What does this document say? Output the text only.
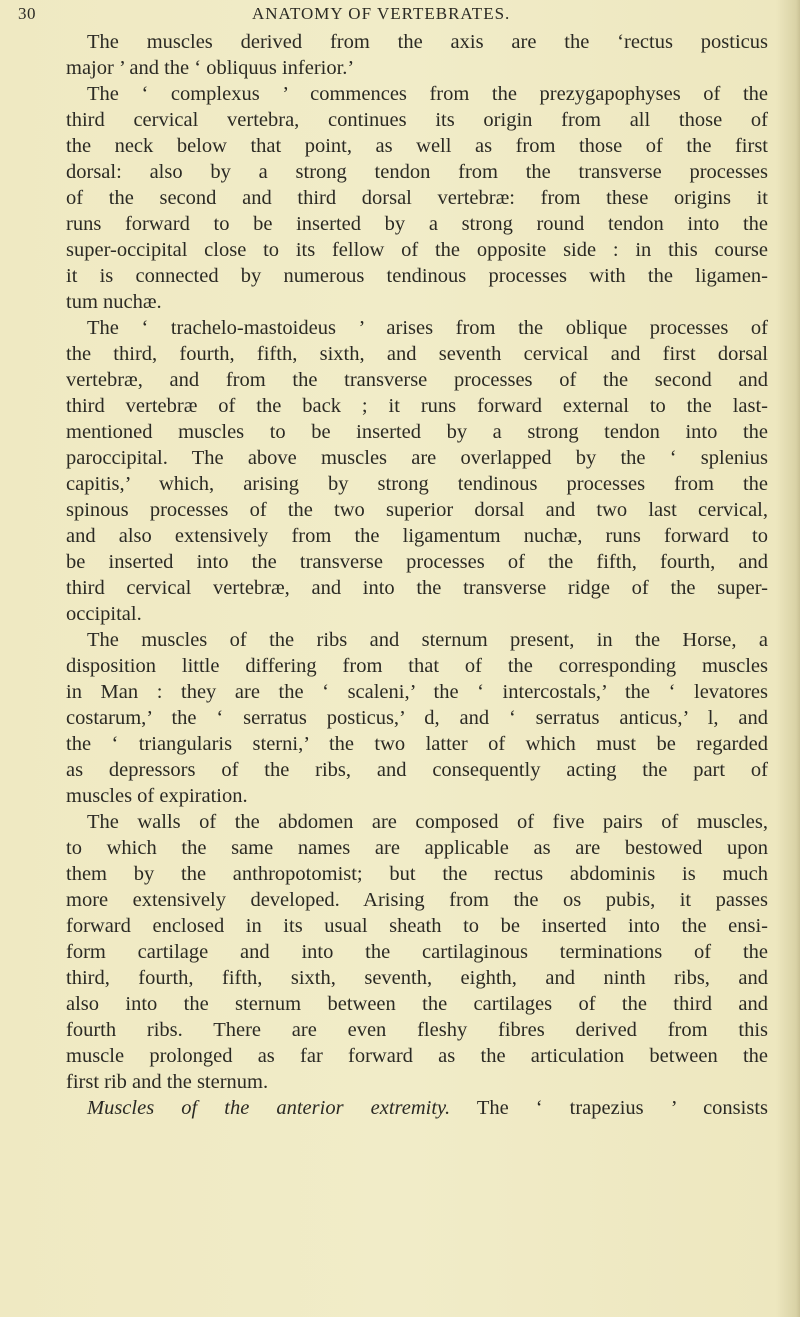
30	ANATOMY OF VERTEBRATES.
The muscles derived from the axis are the ‘rectus posticus
major ’ and the ‘ obliquus inferior.’
The ‘ complexus ’ commences from the prezygapophyses of the
third cervical vertebra, continues its origin from all those of
the neck below that point, as well as from those of the first
dorsal: also by a strong tendon from the transverse processes
of the second and third dorsal vertebræ: from these origins it
runs forward to be inserted by a strong round tendon into the
super-occipital close to its fellow of the opposite side : in this course
it is connected by numerous tendinous processes with the ligamen-
tum nuchæ.
The ‘ trachelo-mastoideus ’ arises from the oblique processes of
the third, fourth, fifth, sixth, and seventh cervical and first dorsal
vertebræ, and from the transverse processes of the second and
third vertebræ of the back ; it runs forward external to the last-
mentioned muscles to be inserted by a strong tendon into the
paroccipital. The above muscles are overlapped by the ‘ splenius
capitis,’ which, arising by strong tendinous processes from the
spinous processes of the two superior dorsal and two last cervical,
and also extensively from the ligamentum nuchæ, runs forward to
be inserted into the transverse processes of the fifth, fourth, and
third cervical vertebræ, and into the transverse ridge of the super-
occipital.
The muscles of the ribs and sternum present, in the Horse, a
disposition little differing from that of the corresponding muscles
in Man : they are the ‘ scaleni,’ the ‘ intercostals,’ the ‘ levatores
costarum,’ the ‘ serratus posticus,’ d, and ‘ serratus anticus,’ l, and
the ‘ triangularis sterni,’ the two latter of which must be regarded
as depressors of the ribs, and consequently acting the part of
muscles of expiration.
The walls of the abdomen are composed of five pairs of muscles,
to which the same names are applicable as are bestowed upon
them by the anthropotomist; but the rectus abdominis is much
more extensively developed. Arising from the os pubis, it passes
forward enclosed in its usual sheath to be inserted into the ensi-
form cartilage and into the cartilaginous terminations of the
third, fourth, fifth, sixth, seventh, eighth, and ninth ribs, and
also into the sternum between the cartilages of the third and
fourth ribs. There are even fleshy fibres derived from this
muscle prolonged as far forward as the articulation between the
first rib and the sternum.
Muscles of the anterior extremity. The ‘ trapezius ’ consists
